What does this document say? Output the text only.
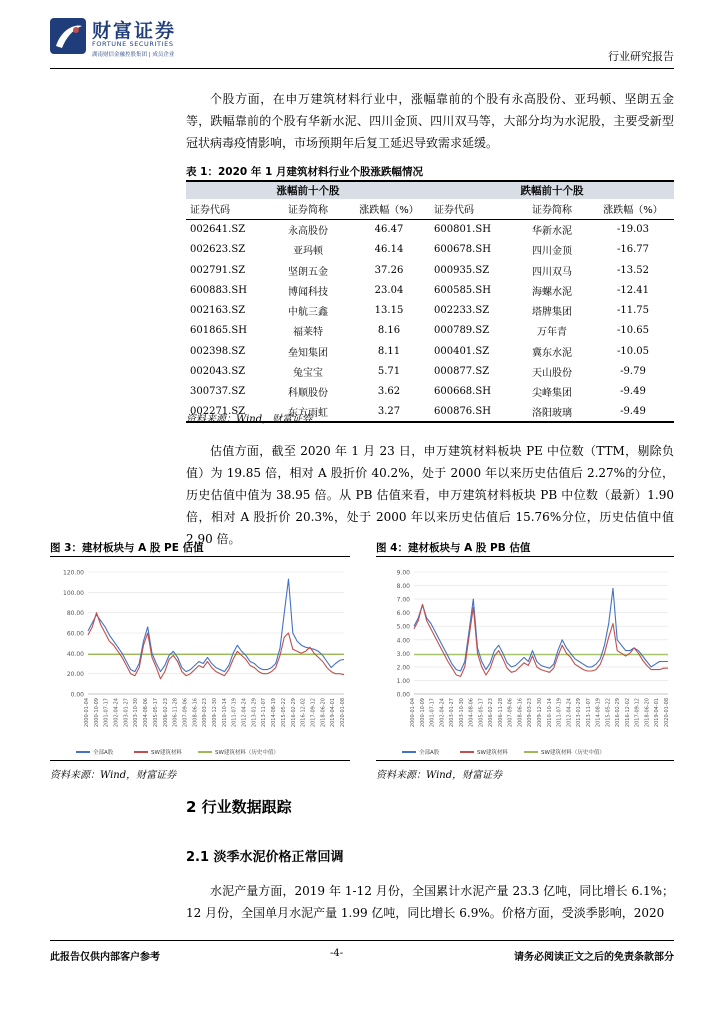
财富证券
FORTUNE SECURITIES
湖南财信金融控股集团 | 成员企业	行业研究报告
个股方面，在申万建筑材料行业中，涨幅靠前的个股有永高股份、亚玛顿、坚朗五金等，跌幅靠前的个股有华新水泥、四川金顶、四川双马等，大部分均为水泥股，主要受新型冠状病毒疫情影响，市场预期年后复工延迟导致需求延缓。
表 1：2020 年 1 月建筑材料行业个股涨跌幅情况
涨幅前十个股			跌幅前十个股		
证券代码	证券简称	涨跌幅（%）	证券代码	证券简称	涨跌幅（%）
002641.SZ	永高股份	46.47	600801.SH	华新水泥	-19.03
002623.SZ	亚玛顿	46.14	600678.SH	四川金顶	-16.77
002791.SZ	坚朗五金	37.26	000935.SZ	四川双马	-13.52
600883.SH	博闻科技	23.04	600585.SH	海螺水泥	-12.41
002163.SZ	中航三鑫	13.15	002233.SZ	塔牌集团	-11.75
601865.SH	福莱特	8.16	000789.SZ	万年青	-10.65
002398.SZ	垒知集团	8.11	000401.SZ	冀东水泥	-10.05
002043.SZ	兔宝宝	5.71	000877.SZ	天山股份	-9.79
300737.SZ	科顺股份	3.62	600668.SH	尖峰集团	-9.49
002271.SZ	东方雨虹	3.27	600876.SH	洛阳玻璃	-9.49
资料来源：Wind，财富证券
估值方面，截至 2020 年 1 月 23 日，申万建筑材料板块 PE 中位数（TTM，剔除负值）为 19.85 倍，相对 A 股折价 40.2%，处于 2000 年以来历史估值后 2.27%的分位，历史估值中值为 38.95 倍。从 PB 估值来看，申万建筑材料板块 PB 中位数（最新）1.90 倍，相对 A 股折价 20.3%，处于 2000 年以来历史估值后 15.76%分位，历史估值中值 2.90 倍。
图 3：建材板块与 A 股 PE 估值
0.00
20.00
40.00
60.00
80.00
100.00
120.00
2000-01-04 2000-10-09 2001-07-17 2002-04-24 2003-01-27 2003-10-30 2004-08-06 2005-05-17 2006-02-23 2006-11-28 2007-09-06 2008-06-16 2009-03-23 2009-12-30 2010-10-14 2011-07-19 2012-04-24 2013-01-29 2013-11-07 2014-08-19 2015-05-22 2016-02-29 2016-12-02 2017-09-12 2018-06-20 2019-04-01 2020-01-08
全部A股	SW建筑材料	SW建筑材料（历史中值）
资料来源：Wind，财富证券
图 4：建材板块与 A 股 PB 估值
0.00
1.00
2.00
3.00
4.00
5.00
6.00
7.00
8.00
9.00
2000-01-04 2000-10-09 2001-07-17 2002-04-24 2003-01-27 2003-10-30 2004-08-06 2005-05-17 2006-02-23 2006-11-28 2007-09-06 2008-06-16 2009-03-23 2009-12-30 2010-10-14 2011-07-19 2012-04-24 2013-01-29 2013-11-07 2014-08-19 2015-05-22 2016-02-29 2016-12-02 2017-09-12 2018-06-20 2019-04-01 2020-01-08
全部A股	SW建筑材料	SW建筑材料（历史中值）
资料来源：Wind，财富证券
2 行业数据跟踪
2.1 淡季水泥价格正常回调
水泥产量方面，2019 年 1-12 月份，全国累计水泥产量 23.3 亿吨，同比增长 6.1%；12 月份，全国单月水泥产量 1.99 亿吨，同比增长 6.9%。价格方面，受淡季影响，2020
此报告仅供内部客户参考	-4-	请务必阅读正文之后的免责条款部分
